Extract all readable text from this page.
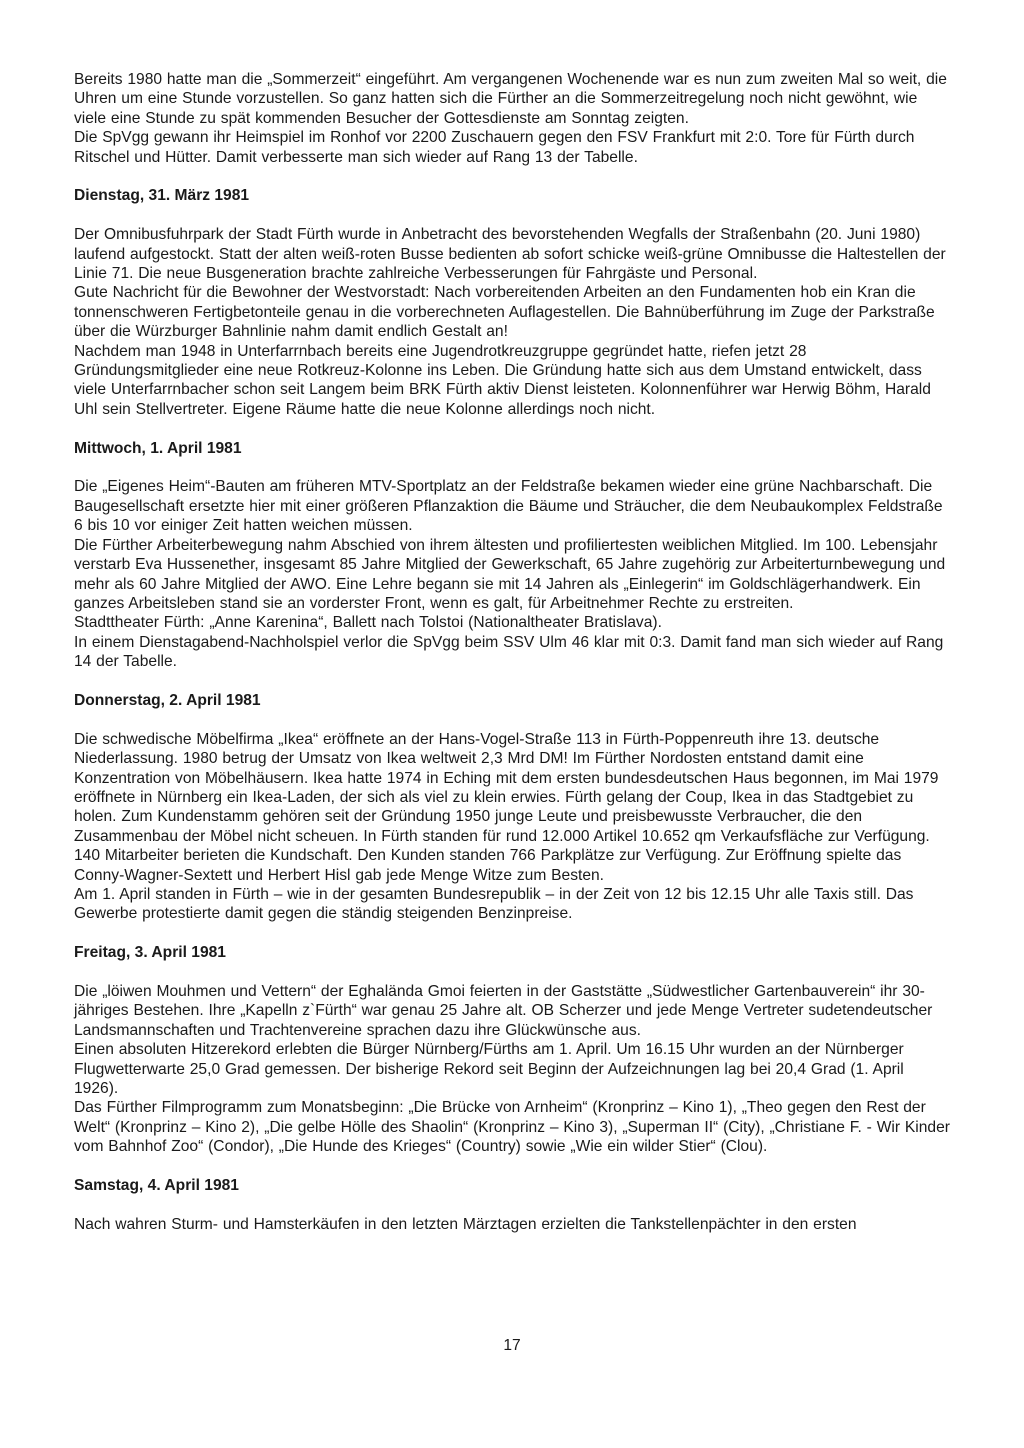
Bereits 1980 hatte man die „Sommerzeit“ eingeführt. Am vergangenen Wochenende war es nun zum zweiten Mal so weit, die Uhren um eine Stunde vorzustellen. So ganz hatten sich die Fürther an die Sommerzeitregelung noch nicht gewöhnt, wie viele eine Stunde zu spät kommenden Besucher der Gottesdienste am Sonntag zeigten.

Die SpVgg gewann ihr Heimspiel im Ronhof vor 2200 Zuschauern gegen den FSV Frankfurt mit 2:0. Tore für Fürth durch Ritschel und Hütter. Damit verbesserte man sich wieder auf Rang 13 der Tabelle.

Dienstag, 31. März 1981

Der Omnibusfuhrpark der Stadt Fürth wurde in Anbetracht des bevorstehenden Wegfalls der Straßenbahn (20. Juni 1980) laufend aufgestockt. Statt der alten weiß-roten Busse bedienten ab sofort schicke weiß-grüne Omnibusse die Haltestellen der Linie 71. Die neue Busgeneration brachte zahlreiche Verbesserungen für Fahrgäste und Personal.

Gute Nachricht für die Bewohner der Westvorstadt: Nach vorbereitenden Arbeiten an den Fundamenten hob ein Kran die tonnenschweren Fertigbetonteile genau in die vorberechneten Auflagestellen. Die Bahnüberführung im Zuge der Parkstraße über die Würzburger Bahnlinie nahm damit endlich Gestalt an!

Nachdem man 1948 in Unterfarrnbach bereits eine Jugendrotkreuzgruppe gegründet hatte, riefen jetzt 28 Gründungsmitglieder eine neue Rotkreuz-Kolonne ins Leben. Die Gründung hatte sich aus dem Umstand entwickelt, dass viele Unterfarrnbacher schon seit Langem beim BRK Fürth aktiv Dienst leisteten. Kolonnenführer war Herwig Böhm, Harald Uhl sein Stellvertreter. Eigene Räume hatte die neue Kolonne allerdings noch nicht.

Mittwoch, 1. April 1981

Die „Eigenes Heim“-Bauten am früheren MTV-Sportplatz an der Feldstraße bekamen wieder eine grüne Nachbarschaft. Die Baugesellschaft ersetzte hier mit einer größeren Pflanzaktion die Bäume und Sträucher, die dem Neubaukomplex Feldstraße 6 bis 10 vor einiger Zeit hatten weichen müssen.

Die Fürther Arbeiterbewegung nahm Abschied von ihrem ältesten und profiliertesten weiblichen Mitglied. Im 100. Lebensjahr verstarb Eva Hussenether, insgesamt 85 Jahre Mitglied der Gewerkschaft, 65 Jahre zugehörig zur Arbeiterturnbewegung und mehr als 60 Jahre Mitglied der AWO. Eine Lehre begann sie mit 14 Jahren als „Einlegerin“ im Goldschlägerhandwerk. Ein ganzes Arbeitsleben stand sie an vorderster Front, wenn es galt, für Arbeitnehmer Rechte zu erstreiten.

Stadttheater Fürth: „Anne Karenina“, Ballett nach Tolstoi (Nationaltheater Bratislava).

In einem Dienstagabend-Nachholspiel verlor die SpVgg beim SSV Ulm 46 klar mit 0:3. Damit fand man sich wieder auf Rang 14 der Tabelle.

Donnerstag, 2. April 1981

Die schwedische Möbelfirma „Ikea“ eröffnete an der Hans-Vogel-Straße 113 in Fürth-Poppenreuth ihre 13. deutsche Niederlassung. 1980 betrug der Umsatz von Ikea weltweit 2,3 Mrd DM! Im Fürther Nordosten entstand damit eine Konzentration von Möbelhäusern. Ikea hatte 1974 in Eching mit dem ersten bundesdeutschen Haus begonnen, im Mai 1979 eröffnete in Nürnberg ein Ikea-Laden, der sich als viel zu klein erwies. Fürth gelang der Coup, Ikea in das Stadtgebiet zu holen. Zum Kundenstamm gehören seit der Gründung 1950 junge Leute und preisbewusste Verbraucher, die den Zusammenbau der Möbel nicht scheuen. In Fürth standen für rund 12.000 Artikel 10.652 qm Verkaufsfläche zur Verfügung. 140 Mitarbeiter berieten die Kundschaft. Den Kunden standen 766 Parkplätze zur Verfügung. Zur Eröffnung spielte das Conny-Wagner-Sextett und Herbert Hisl gab jede Menge Witze zum Besten.

Am 1. April standen in Fürth – wie in der gesamten Bundesrepublik – in der Zeit von 12 bis 12.15 Uhr alle Taxis still. Das Gewerbe protestierte damit gegen die ständig steigenden Benzinpreise.

Freitag, 3. April 1981

Die „löiwen Mouhmen und Vettern“ der Eghalända Gmoi feierten in der Gaststätte „Südwestlicher Gartenbauverein“ ihr 30-jähriges Bestehen. Ihre „Kapelln z`Fürth“ war genau 25 Jahre alt. OB Scherzer und jede Menge Vertreter sudetendeutscher Landsmannschaften und Trachtenvereine sprachen dazu ihre Glückwünsche aus.

Einen absoluten Hitzerekord erlebten die Bürger Nürnberg/Fürths am 1. April. Um 16.15 Uhr wurden an der Nürnberger Flugwetterwarte 25,0 Grad gemessen. Der bisherige Rekord seit Beginn der Aufzeichnungen lag bei 20,4 Grad (1. April 1926).

Das Fürther Filmprogramm zum Monatsbeginn: „Die Brücke von Arnheim“ (Kronprinz – Kino 1), „Theo gegen den Rest der Welt“ (Kronprinz – Kino 2), „Die gelbe Hölle des Shaolin“ (Kronprinz – Kino 3), „Superman II“ (City), „Christiane F. - Wir Kinder vom Bahnhof Zoo“ (Condor), „Die Hunde des Krieges“ (Country) sowie „Wie ein wilder Stier“ (Clou).

Samstag, 4. April 1981

Nach wahren Sturm- und Hamsterkäufen in den letzten Märztagen erzielten die Tankstellenpächter in den ersten

17
